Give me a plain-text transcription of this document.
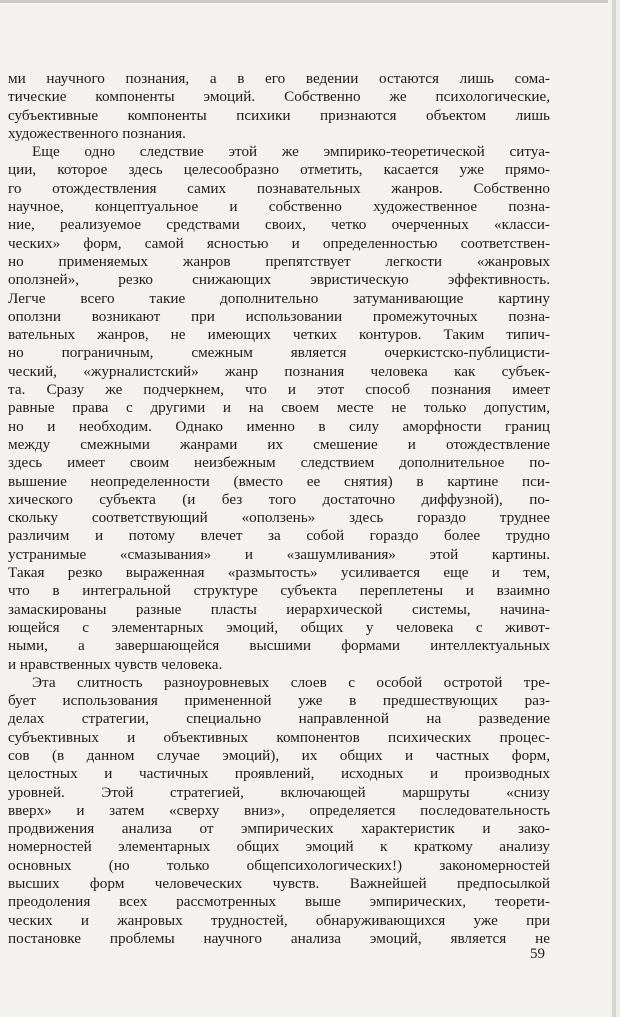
ми научного познания, а в его ведении остаются лишь сома-
тические компоненты эмоций. Собственно же психологические,
субъективные компоненты психики признаются объектом лишь
художественного познания.
Еще одно следствие этой же эмпирико-теоретической ситуа-
ции, которое здесь целесообразно отметить, касается уже прямо-
го отождествления самих познавательных жанров. Собственно
научное, концептуальное и собственно художественное позна-
ние, реализуемое средствами своих, четко очерченных «класси-
ческих» форм, самой ясностью и определенностью соответствен-
но применяемых жанров препятствует легкости «жанровых
оползней», резко снижающих эвристическую эффективность.
Легче всего такие дополнительно затуманивающие картину
оползни возникают при использовании промежуточных позна-
вательных жанров, не имеющих четких контуров. Таким типич-
но пограничным, смежным является очеркистско-публицисти-
ческий, «журналистский» жанр познания человека как субъек-
та. Сразу же подчеркнем, что и этот способ познания имеет
равные права с другими и на своем месте не только допустим,
но и необходим. Однако именно в силу аморфности границ
между смежными жанрами их смешение и отождествление
здесь имеет своим неизбежным следствием дополнительное по-
вышение неопределенности (вместо ее снятия) в картине пси-
хического субъекта (и без того достаточно диффузной), по-
скольку соответствующий «оползень» здесь гораздо труднее
различим и потому влечет за собой гораздо более трудно
устранимые «смазывания» и «зашумливания» этой картины.
Такая резко выраженная «размытость» усиливается еще и тем,
что в интегральной структуре субъекта переплетены и взаимно
замаскированы разные пласты иерархической системы, начина-
ющейся с элементарных эмоций, общих у человека с живот-
ными, а завершающейся высшими формами интеллектуальных
и нравственных чувств человека.
Эта слитность разноуровневых слоев с особой остротой тре-
бует использования примененной уже в предшествующих раз-
делах стратегии, специально направленной на разведение
субъективных и объективных компонентов психических процес-
сов (в данном случае эмоций), их общих и частных форм,
целостных и частичных проявлений, исходных и производных
уровней. Этой стратегией, включающей маршруты «снизу
вверх» и затем «сверху вниз», определяется последовательность
продвижения анализа от эмпирических характеристик и зако-
номерностей элементарных общих эмоций к краткому анализу
основных (но только общепсихологических!) закономерностей
высших форм человеческих чувств. Важнейшей предпосылкой
преодоления всех рассмотренных выше эмпирических, теорети-
ческих и жанровых трудностей, обнаруживающихся уже при
постановке проблемы научного анализа эмоций, является не
59
